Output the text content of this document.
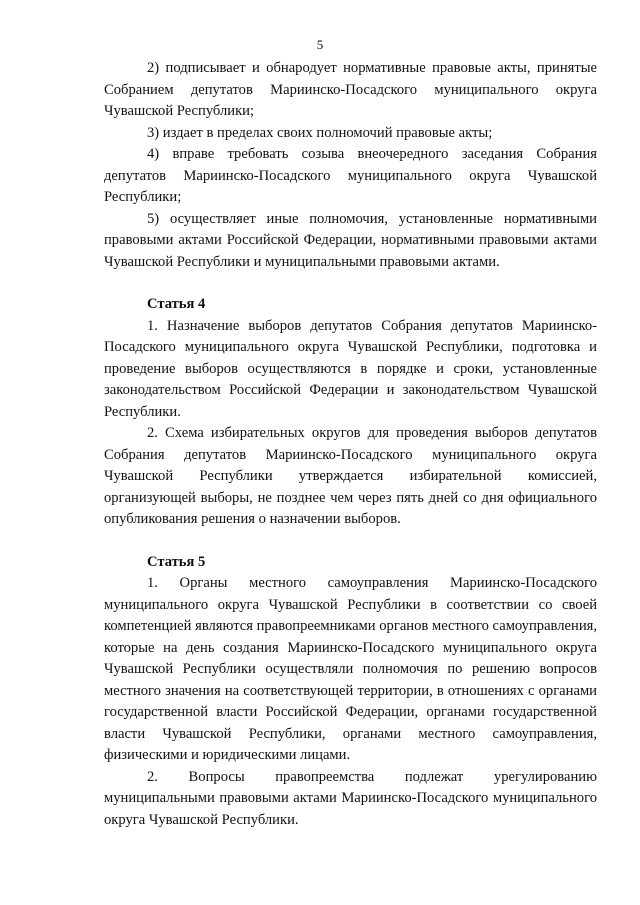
5

2) подписывает и обнародует нормативные правовые акты, принятые Собранием депутатов Мариинско-Посадского муниципального округа Чувашской Республики;

3) издает в пределах своих полномочий правовые акты;

4) вправе требовать созыва внеочередного заседания Собрания депутатов Мариинско-Посадского муниципального округа Чувашской Республики;

5) осуществляет иные полномочия, установленные нормативными правовыми актами Российской Федерации, нормативными правовыми актами Чувашской Республики и муниципальными правовыми актами.

Статья 4

1. Назначение выборов депутатов Собрания депутатов Мариинско-Посадского муниципального округа Чувашской Республики, подготовка и проведение выборов осуществляются в порядке и сроки, установленные законодательством Российской Федерации и законодательством Чувашской Республики.

2. Схема избирательных округов для проведения выборов депутатов Собрания депутатов Мариинско-Посадского муниципального округа Чувашской Республики утверждается избирательной комиссией, организующей выборы, не позднее чем через пять дней со дня официального опубликования решения о назначении выборов.

Статья 5

1. Органы местного самоуправления Мариинско-Посадского муниципального округа Чувашской Республики в соответствии со своей компетенцией являются правопреемниками органов местного самоуправления, которые на день создания Мариинско-Посадского муниципального округа Чувашской Республики осуществляли полномочия по решению вопросов местного значения на соответствующей территории, в отношениях с органами государственной власти Российской Федерации, органами государственной власти Чувашской Республики, органами местного самоуправления, физическими и юридическими лицами.

2. Вопросы правопреемства подлежат урегулированию муниципальными правовыми актами Мариинско-Посадского муниципального округа Чувашской Республики.
